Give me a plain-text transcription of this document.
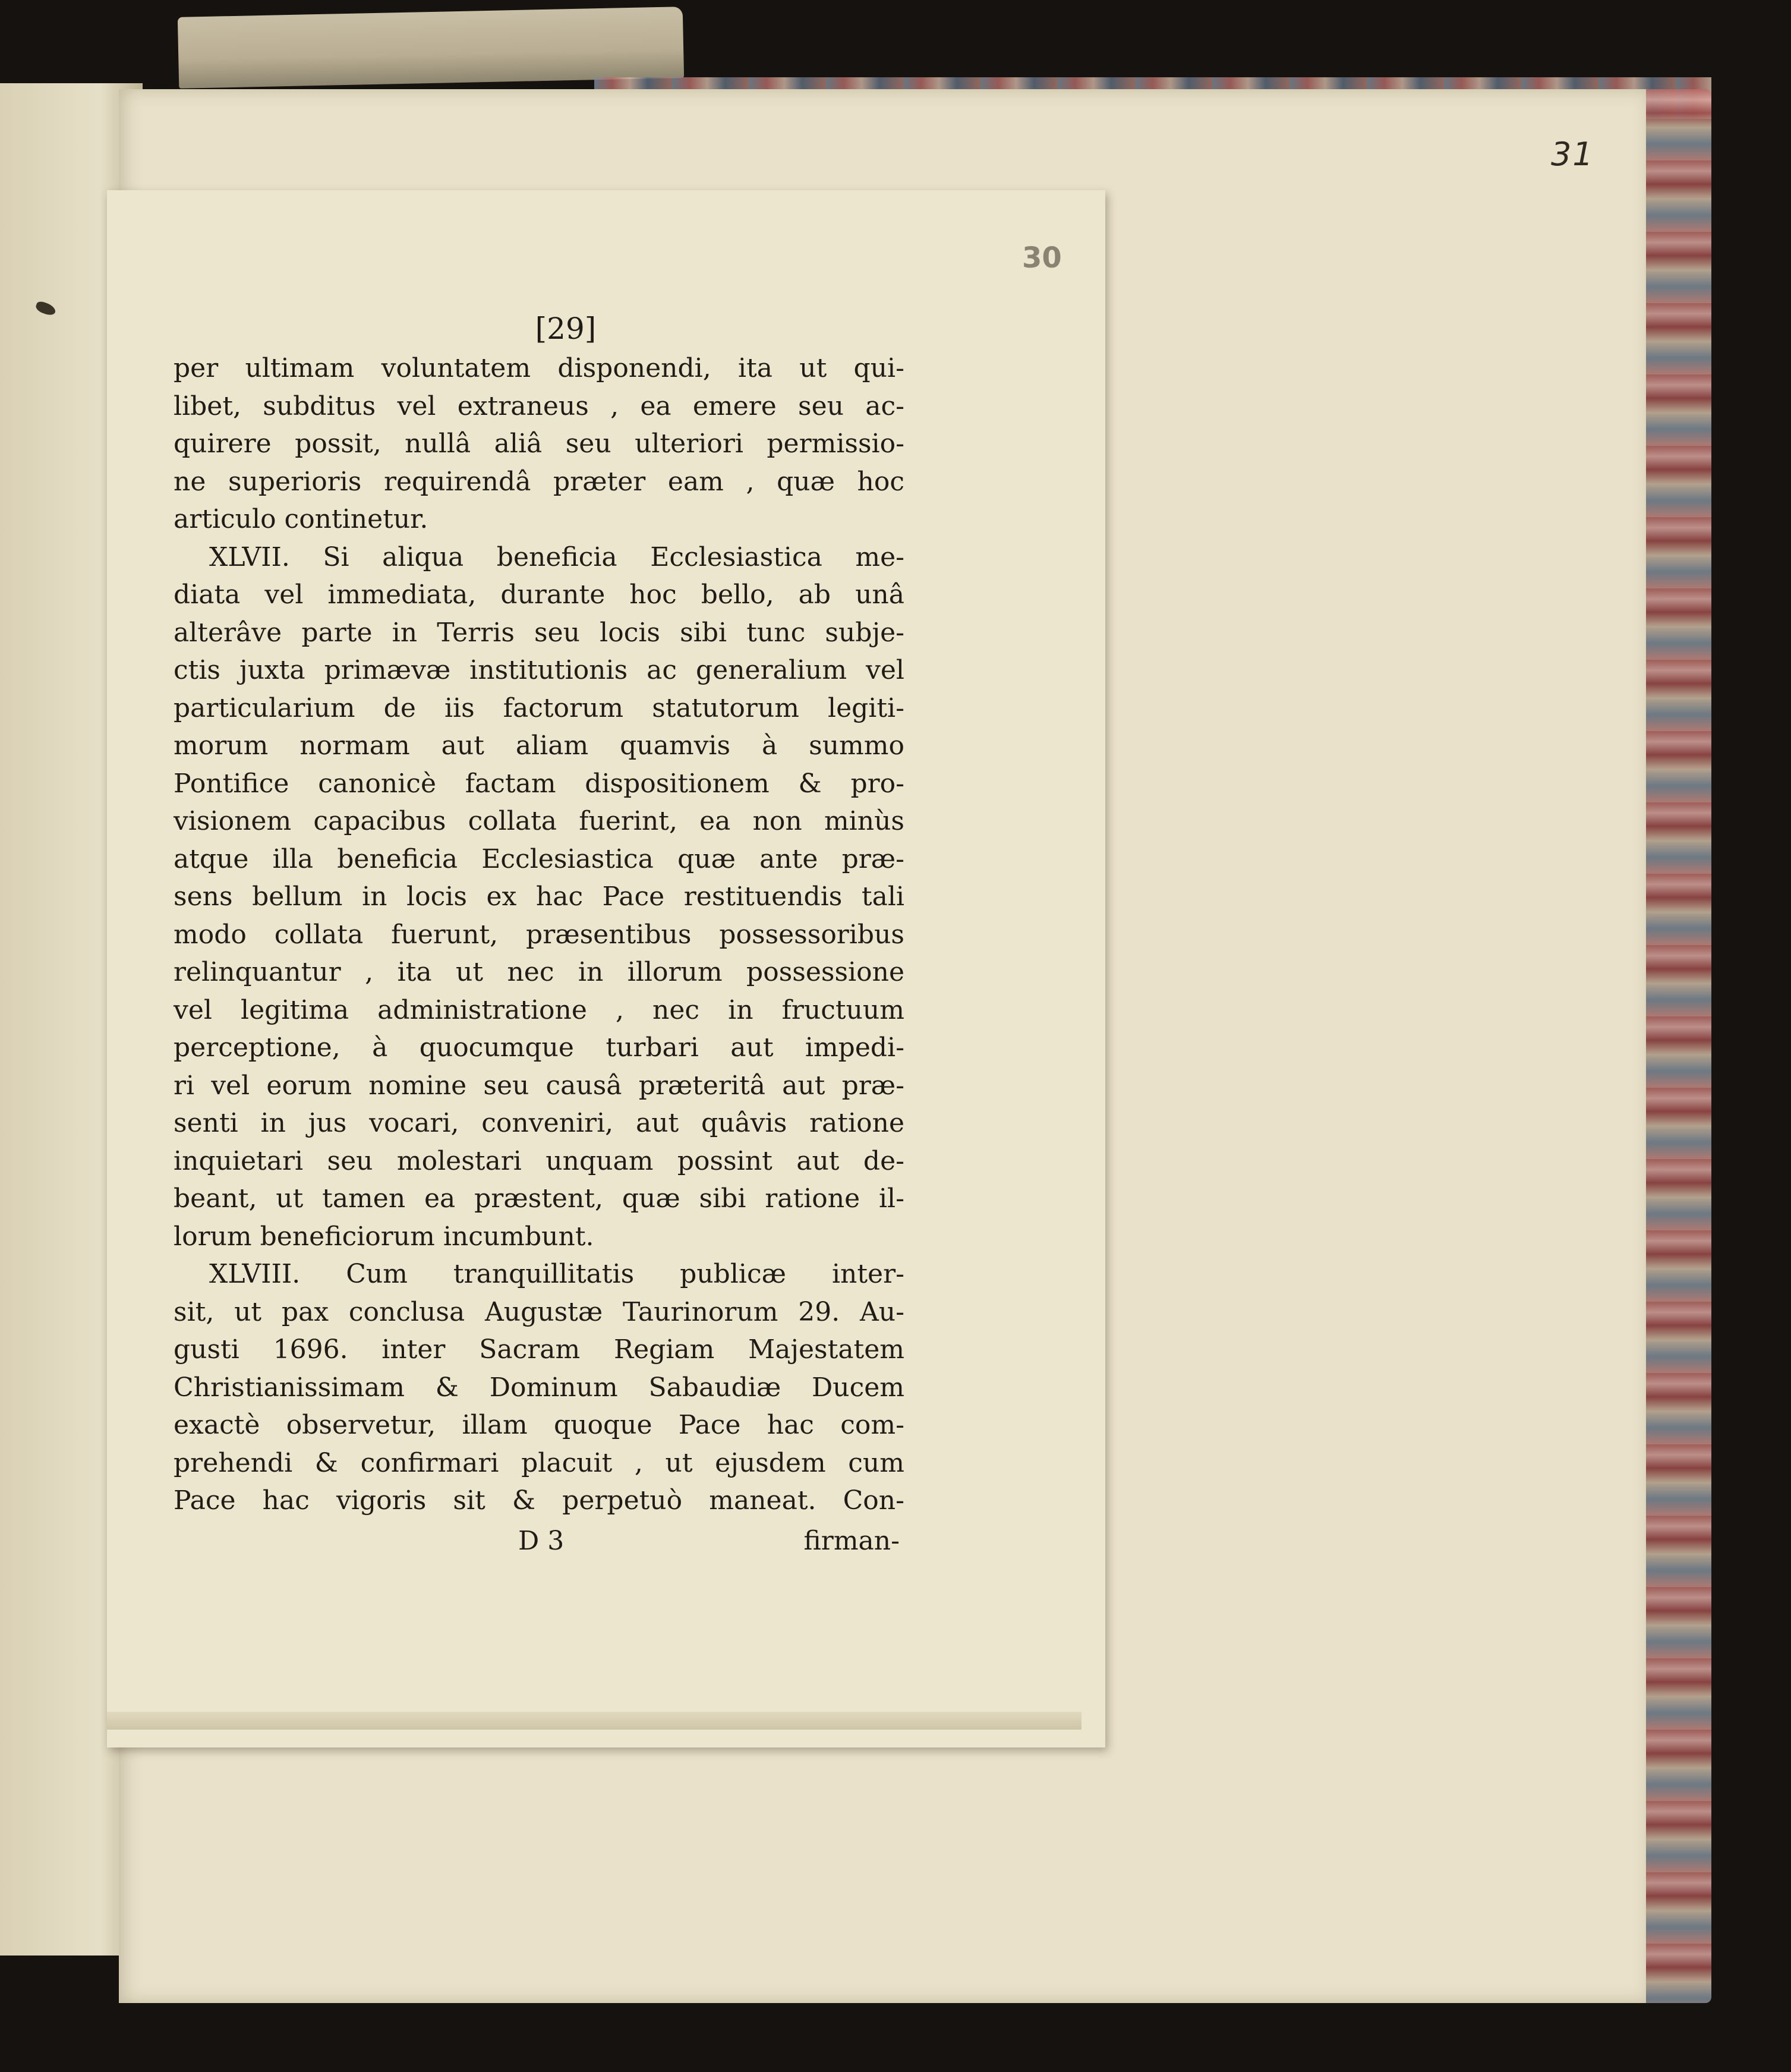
31
30
[29]
per ultimam voluntatem disponendi, ita ut qui-
libet, subditus vel extraneus , ea emere seu ac-
quirere possit, nullâ aliâ seu ulteriori permissio-
ne superioris requirendâ præter eam , quæ hoc
articulo continetur.
XLVII. Si aliqua beneficia Ecclesiastica me-
diata vel immediata, durante hoc bello, ab unâ
alterâve parte in Terris seu locis sibi tunc subje-
ctis juxta primævæ institutionis ac generalium vel
particularium de iis factorum statutorum legiti-
morum normam aut aliam quamvis à summo
Pontifice canonicè factam dispositionem & pro-
visionem capacibus collata fuerint, ea non minùs
atque illa beneficia Ecclesiastica quæ ante præ-
sens bellum in locis ex hac Pace restituendis tali
modo collata fuerunt, præsentibus possessoribus
relinquantur , ita ut nec in illorum possessione
vel legitima administratione , nec in fructuum
perceptione, à quocumque turbari aut impedi-
ri vel eorum nomine seu causâ præteritâ aut præ-
senti in jus vocari, conveniri, aut quâvis ratione
inquietari seu molestari unquam possint aut de-
beant, ut tamen ea præstent, quæ sibi ratione il-
lorum beneficiorum incumbunt.
XLVIII. Cum tranquillitatis publicæ inter-
sit, ut pax conclusa Augustæ Taurinorum 29. Au-
gusti 1696. inter Sacram Regiam Majestatem
Christianissimam & Dominum Sabaudiæ Ducem
exactè observetur, illam quoque Pace hac com-
prehendi & confirmari placuit , ut ejusdem cum
Pace hac vigoris sit & perpetuò maneat. Con-
D 3	firman-
